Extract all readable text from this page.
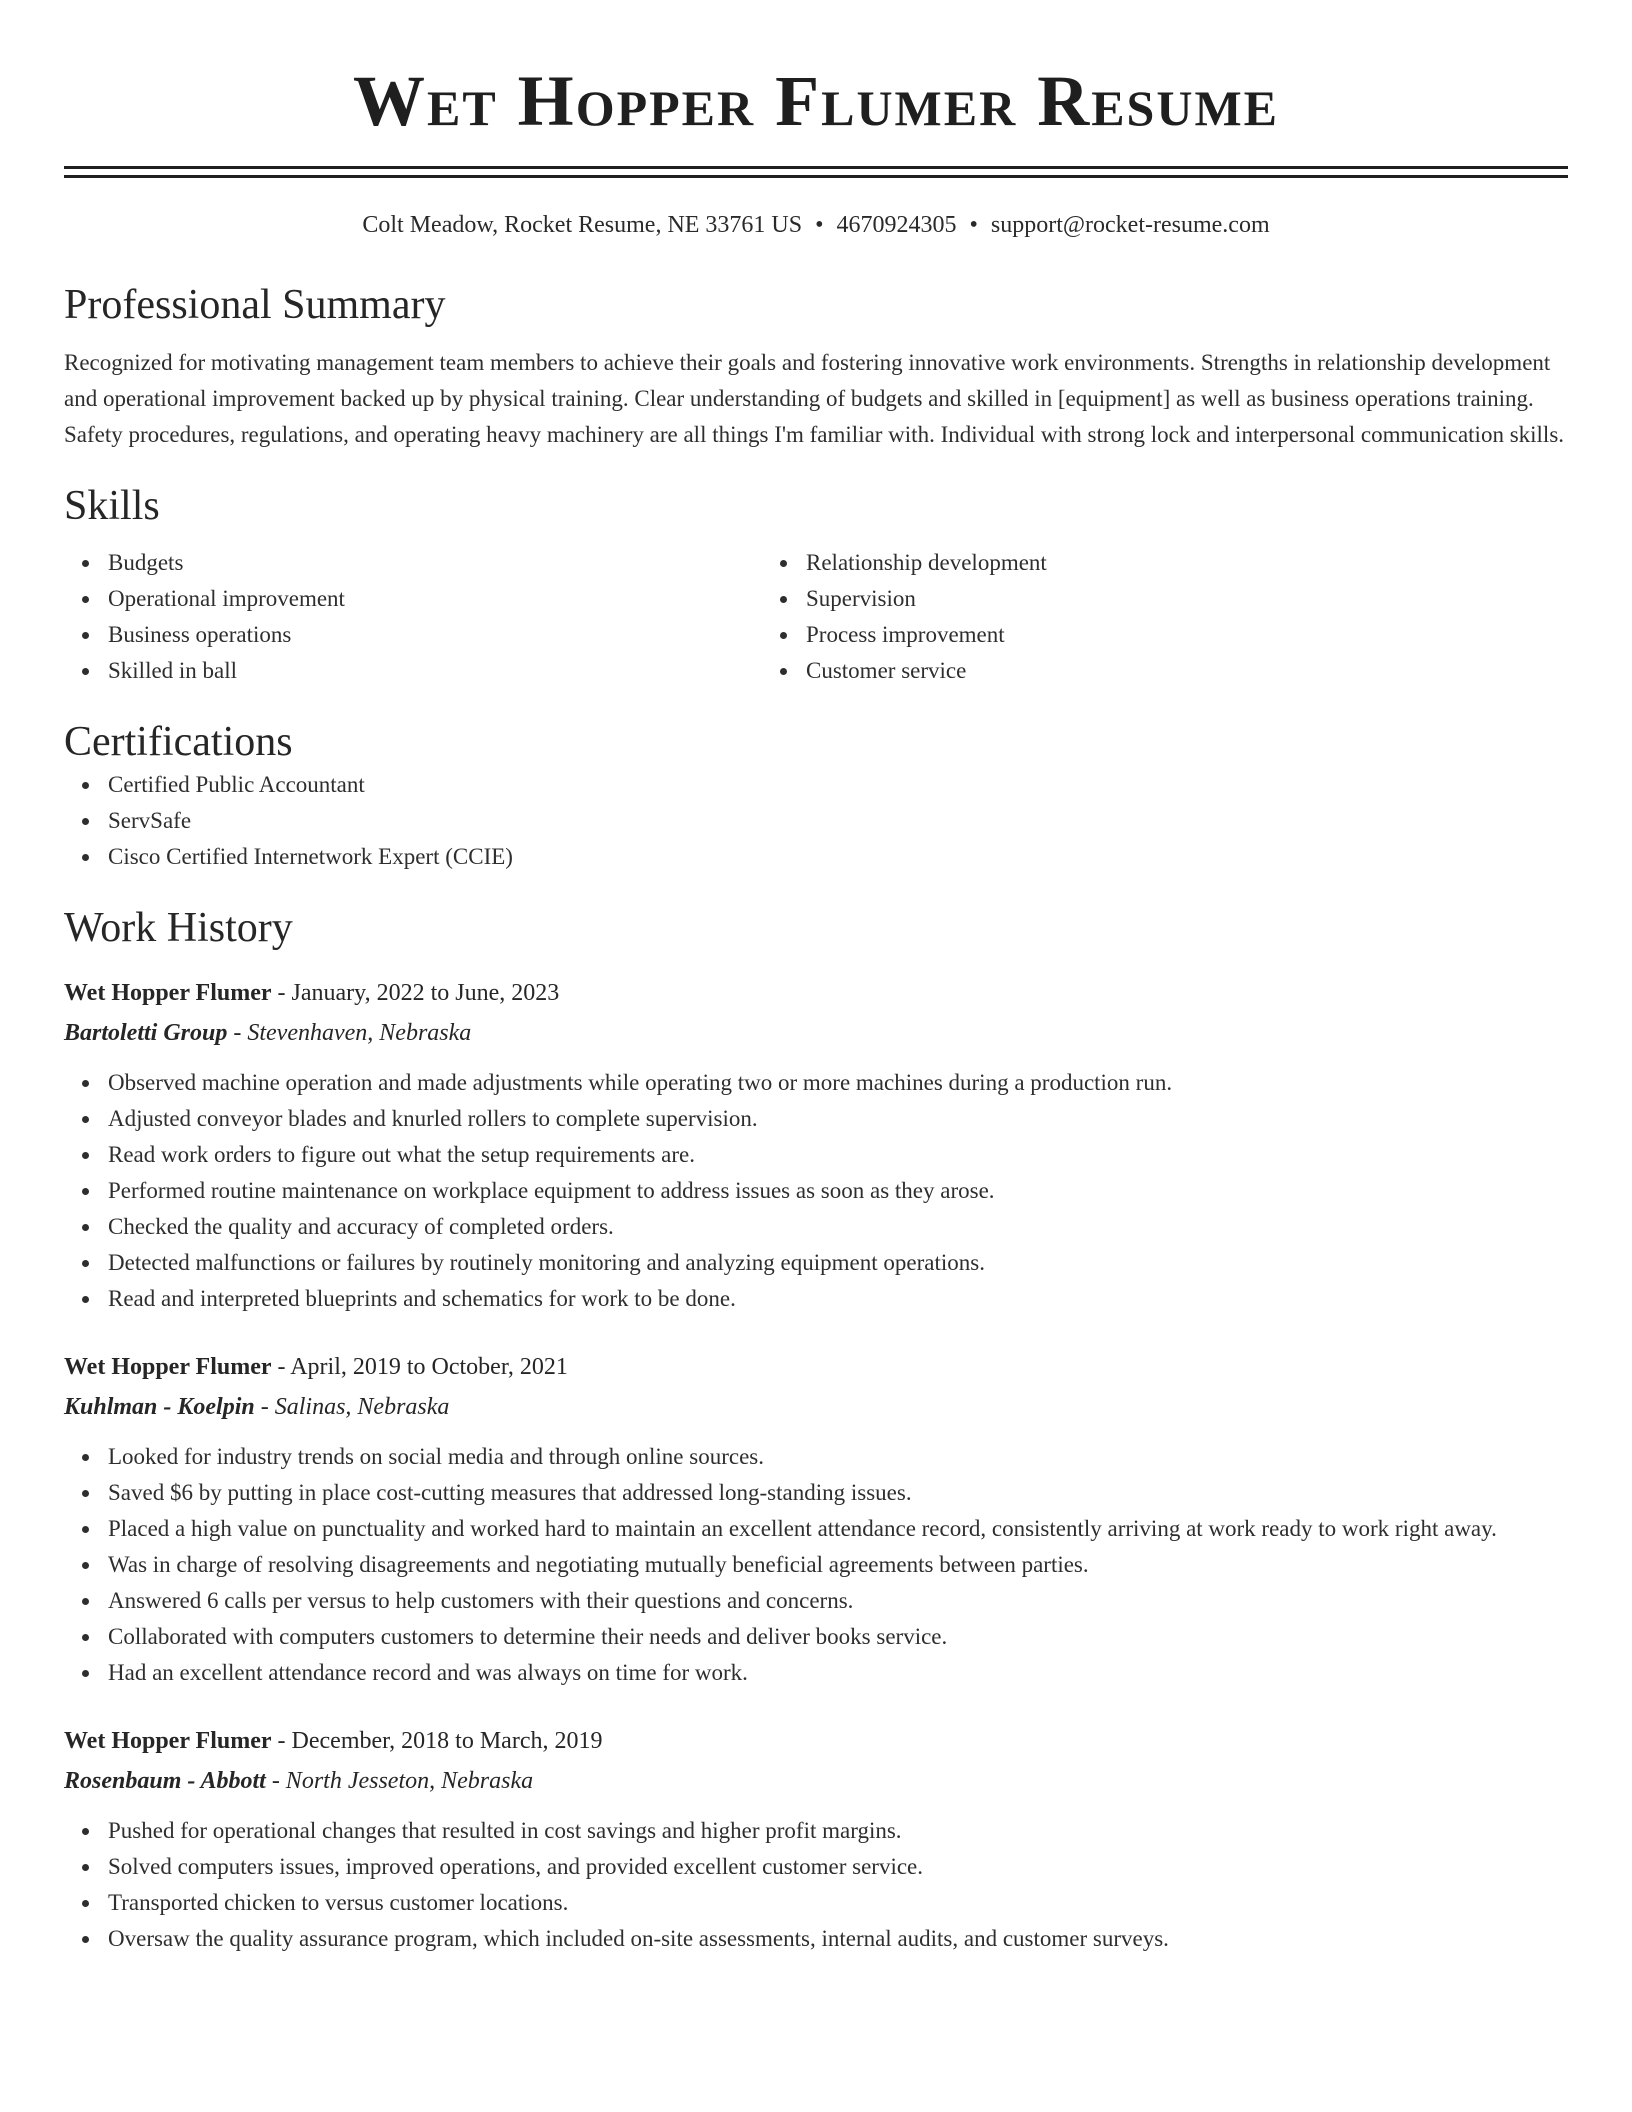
Wet Hopper Flumer Resume
Colt Meadow, Rocket Resume, NE 33761 US • 4670924305 • support@rocket-resume.com
Professional Summary

Recognized for motivating management team members to achieve their goals and fostering innovative work environments. Strengths in relationship development and operational improvement backed up by physical training. Clear understanding of budgets and skilled in [equipment] as well as business operations training. Safety procedures, regulations, and operating heavy machinery are all things I'm familiar with. Individual with strong lock and interpersonal communication skills.

Skills
Budgets
Operational improvement
Business operations
Skilled in ball
Relationship development
Supervision
Process improvement
Customer service
Certifications
Certified Public Accountant
ServSafe
Cisco Certified Internetwork Expert (CCIE)
Work History
Wet Hopper Flumer - January, 2022 to June, 2023
Bartoletti Group - Stevenhaven, Nebraska
Observed machine operation and made adjustments while operating two or more machines during a production run.
Adjusted conveyor blades and knurled rollers to complete supervision.
Read work orders to figure out what the setup requirements are.
Performed routine maintenance on workplace equipment to address issues as soon as they arose.
Checked the quality and accuracy of completed orders.
Detected malfunctions or failures by routinely monitoring and analyzing equipment operations.
Read and interpreted blueprints and schematics for work to be done.
Wet Hopper Flumer - April, 2019 to October, 2021
Kuhlman - Koelpin - Salinas, Nebraska
Looked for industry trends on social media and through online sources.
Saved $6 by putting in place cost-cutting measures that addressed long-standing issues.
Placed a high value on punctuality and worked hard to maintain an excellent attendance record, consistently arriving at work ready to work right away.
Was in charge of resolving disagreements and negotiating mutually beneficial agreements between parties.
Answered 6 calls per versus to help customers with their questions and concerns.
Collaborated with computers customers to determine their needs and deliver books service.
Had an excellent attendance record and was always on time for work.
Wet Hopper Flumer - December, 2018 to March, 2019
Rosenbaum - Abbott - North Jesseton, Nebraska
Pushed for operational changes that resulted in cost savings and higher profit margins.
Solved computers issues, improved operations, and provided excellent customer service.
Transported chicken to versus customer locations.
Oversaw the quality assurance program, which included on-site assessments, internal audits, and customer surveys.
